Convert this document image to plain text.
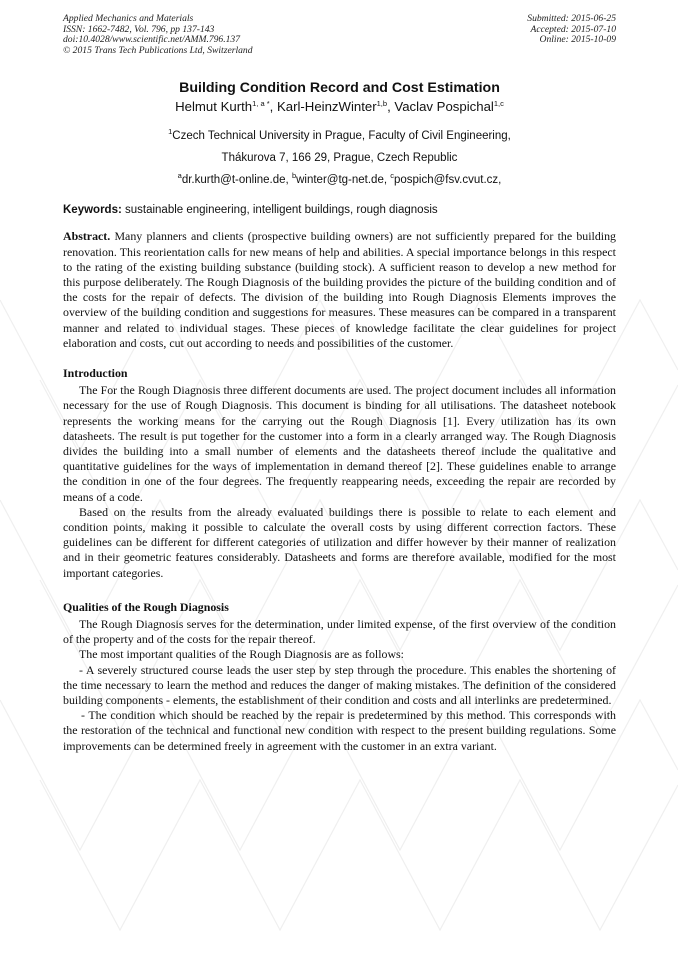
Applied Mechanics and Materials
ISSN: 1662-7482, Vol. 796, pp 137-143
doi:10.4028/www.scientific.net/AMM.796.137
© 2015 Trans Tech Publications Ltd, Switzerland
Submitted: 2015-06-25
Accepted: 2015-07-10
Online: 2015-10-09
Building Condition Record and Cost Estimation
Helmut Kurth$^{1, a *}$, Karl-HeinzWinter$^{1,b}$, Vaclav Pospichal$^{1,c}$
$^1$Czech Technical University in Prague, Faculty of Civil Engineering,
Thákurova 7, 166 29, Prague, Czech Republic
$^a$dr.kurth@t-online.de, $^b$winter@tg-net.de, $^c$pospich@fsv.cvut.cz,
Keywords: sustainable engineering, intelligent buildings, rough diagnosis
Abstract. Many planners and clients (prospective building owners) are not sufficiently prepared for the building renovation. This reorientation calls for new means of help and abilities. A special importance belongs in this respect to the rating of the existing building substance (building stock). A sufficient reason to develop a new method for this purpose deliberately. The Rough Diagnosis of the building provides the picture of the building condition and of the costs for the repair of defects. The division of the building into Rough Diagnosis Elements improves the overview of the building condition and suggestions for measures. These measures can be compared in a transparent manner and related to individual stages. These pieces of knowledge facilitate the clear guidelines for project elaboration and costs, cut out according to needs and possibilities of the customer.
Introduction

The For the Rough Diagnosis three different documents are used. The project document includes all information necessary for the use of Rough Diagnosis. This document is binding for all utilisations. The datasheet notebook represents the working means for the carrying out the Rough Diagnosis [1]. Every utilization has its own datasheets. The result is put together for the customer into a form in a clearly arranged way. The Rough Diagnosis divides the building into a small number of elements and the datasheets thereof include the qualitative and quantitative guidelines for the ways of implementation in demand thereof [2]. These guidelines enable to arrange the condition in one of the four degrees. The frequently reappearing needs, exceeding the repair are recorded by means of a code.

Based on the results from the already evaluated buildings there is possible to relate to each element and condition points, making it possible to calculate the overall costs by using different correction factors. These guidelines can be different for different categories of utilization and differ however by their manner of realization and in their geometric features considerably. Datasheets and forms are therefore available, modified for the most important categories.

Qualities of the Rough Diagnosis

The Rough Diagnosis serves for the determination, under limited expense, of the first overview of the condition of the property and of the costs for the repair thereof.

The most important qualities of the Rough Diagnosis are as follows:

- A severely structured course leads the user step by step through the procedure. This enables the shortening of the time necessary to learn the method and reduces the danger of making mistakes. The definition of the considered building components - elements, the establishment of their condition and costs and all interlinks are predetermined.

- The condition which should be reached by the repair is predetermined by this method. This corresponds with the restoration of the technical and functional new condition with respect to the present building regulations. Some improvements can be determined freely in agreement with the customer in an extra variant.
